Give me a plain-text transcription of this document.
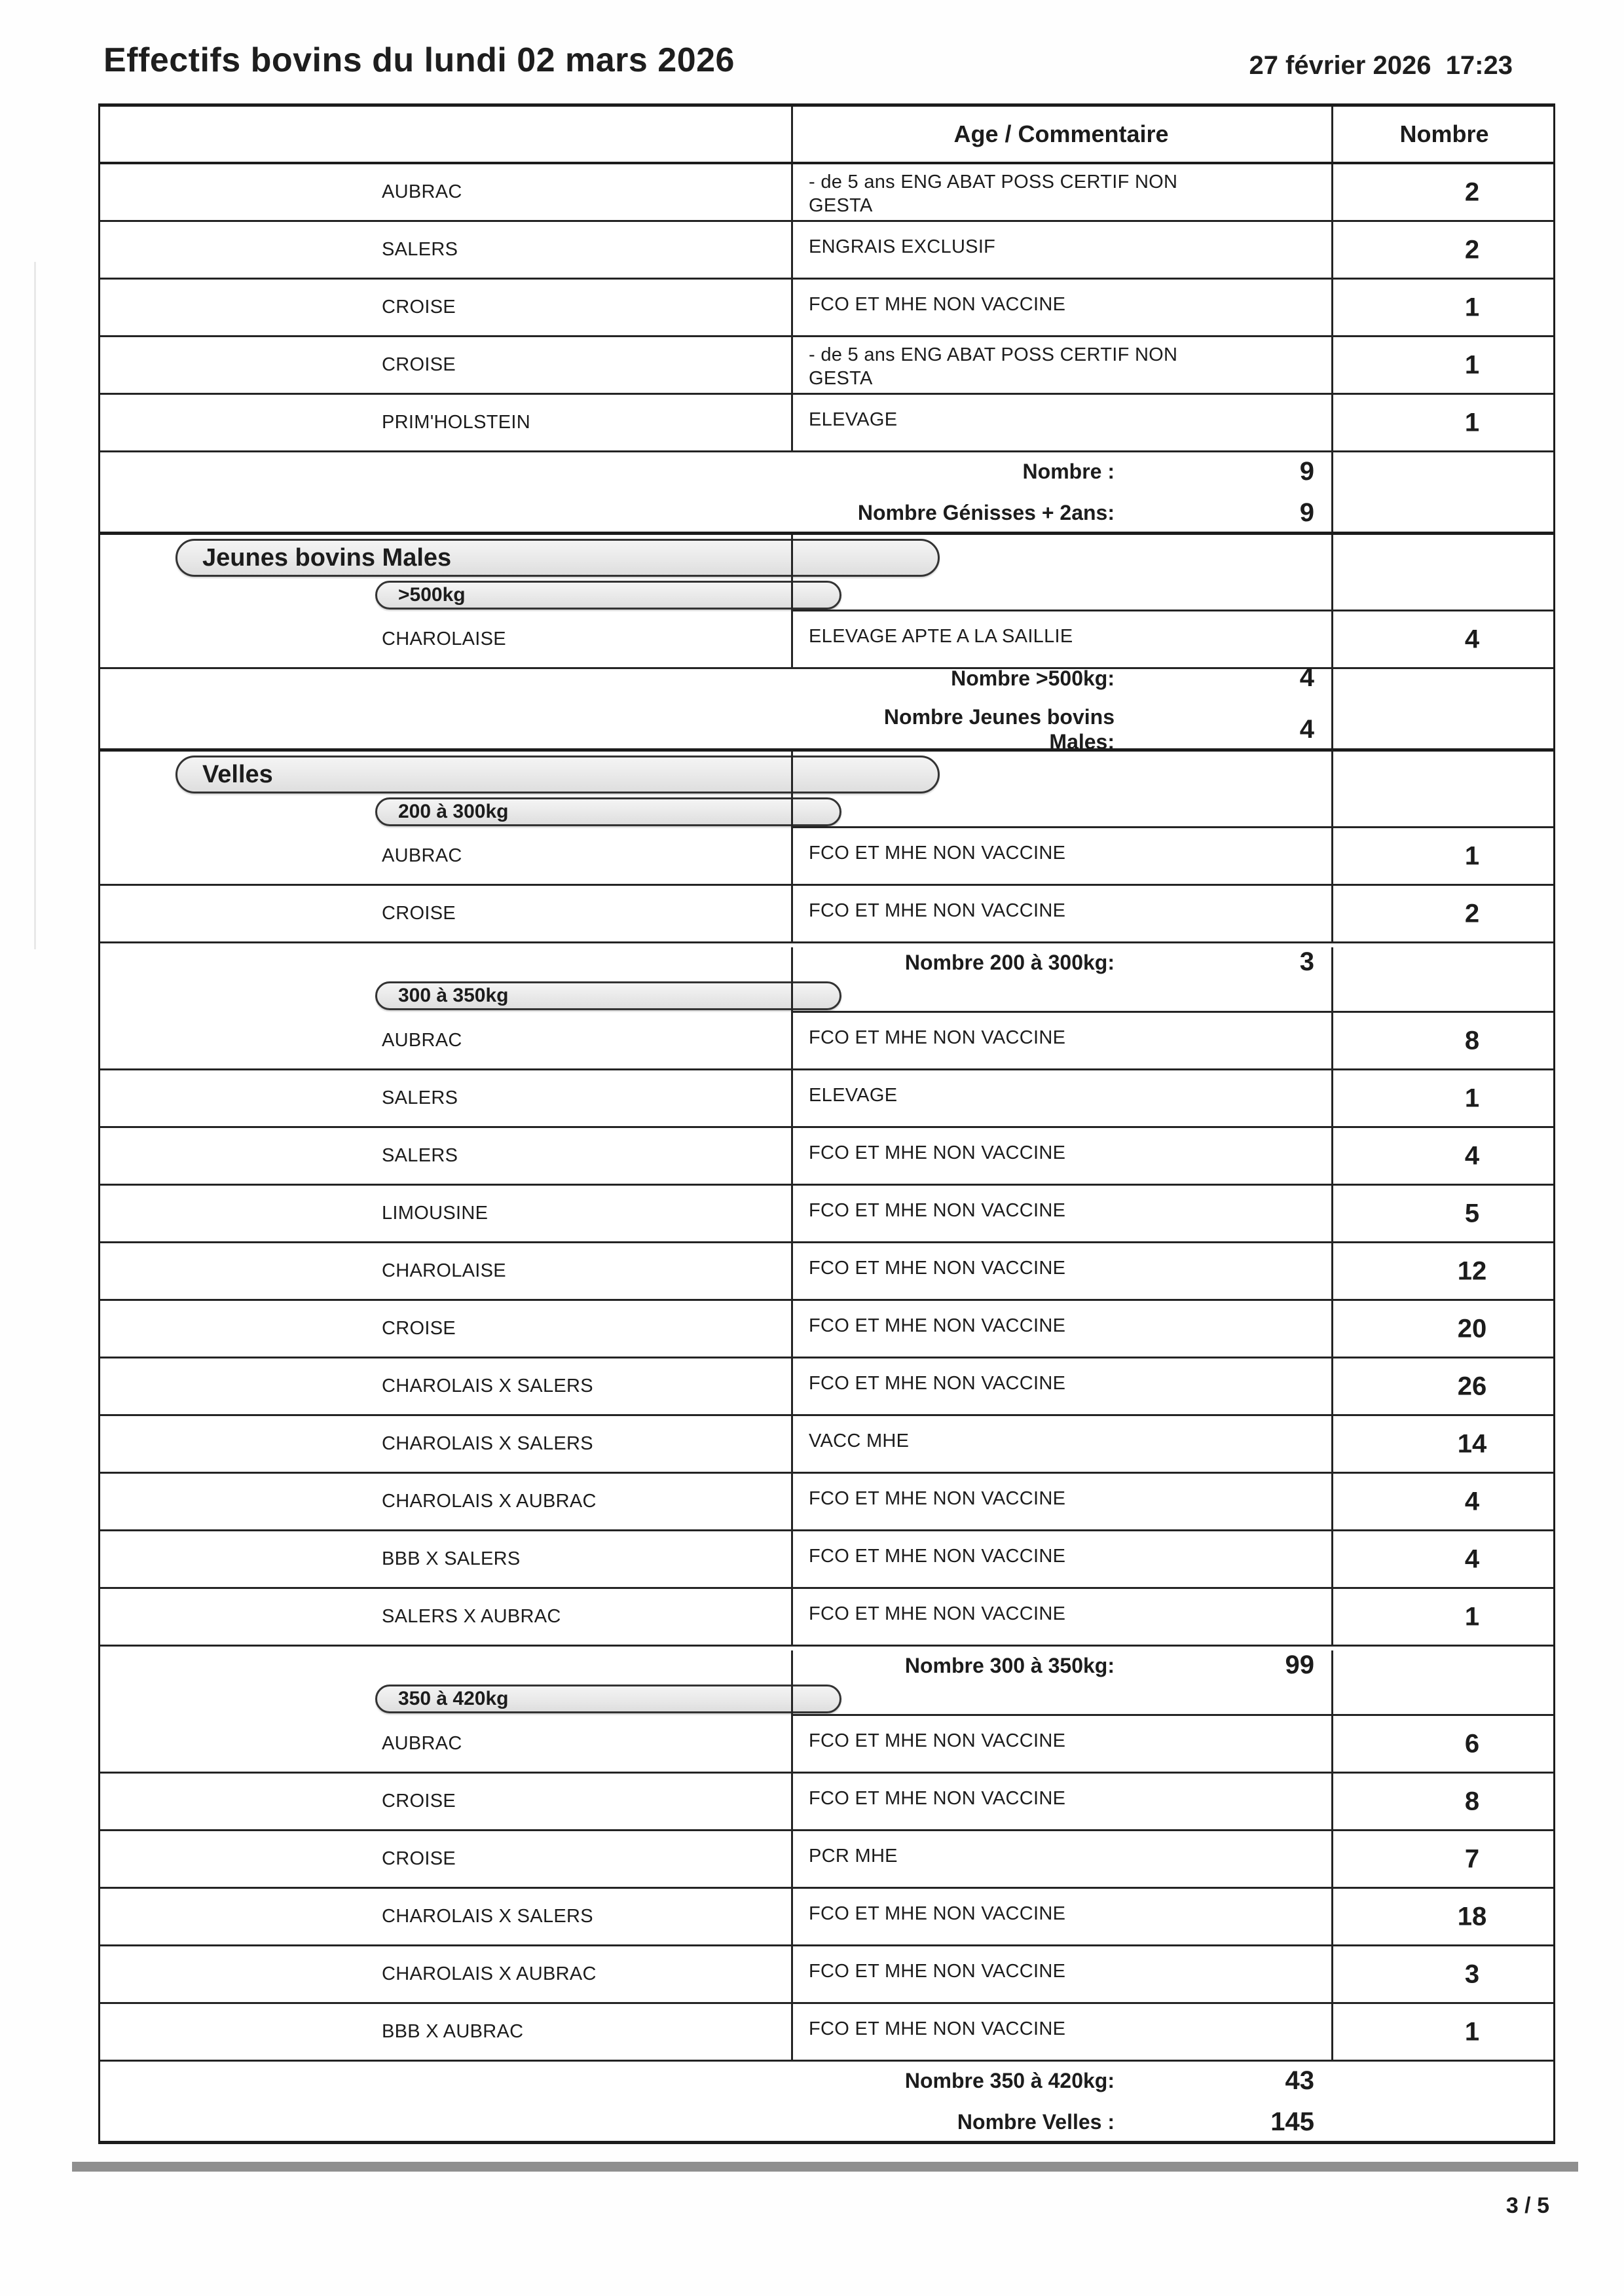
Effectifs bovins du lundi 02 mars 2026	27 février 2026  17:23
Age / Commentaire	Nombre
AUBRAC	- de 5 ans ENG ABAT POSS CERTIF NON GESTA	2
SALERS	ENGRAIS EXCLUSIF	2
CROISE	FCO ET MHE NON VACCINE	1
CROISE	- de 5 ans ENG ABAT POSS CERTIF NON GESTA	1
PRIM'HOLSTEIN	ELEVAGE	1
Nombre :	9
Nombre Génisses + 2ans:	9
Jeunes bovins Males
>500kg
CHAROLAISE	ELEVAGE APTE A LA SAILLIE	4
Nombre >500kg:	4
Nombre Jeunes bovins
Males:	4
Velles
200 à 300kg
AUBRAC	FCO ET MHE NON VACCINE	1
CROISE	FCO ET MHE NON VACCINE	2
Nombre 200 à 300kg:	3
300 à 350kg
AUBRAC	FCO ET MHE NON VACCINE	8
SALERS	ELEVAGE	1
SALERS	FCO ET MHE NON VACCINE	4
LIMOUSINE	FCO ET MHE NON VACCINE	5
CHAROLAISE	FCO ET MHE NON VACCINE	12
CROISE	FCO ET MHE NON VACCINE	20
CHAROLAIS X SALERS	FCO ET MHE NON VACCINE	26
CHAROLAIS X SALERS	VACC MHE	14
CHAROLAIS X AUBRAC	FCO ET MHE NON VACCINE	4
BBB X SALERS	FCO ET MHE NON VACCINE	4
SALERS X AUBRAC	FCO ET MHE NON VACCINE	1
Nombre 300 à 350kg:	99
350 à 420kg
AUBRAC	FCO ET MHE NON VACCINE	6
CROISE	FCO ET MHE NON VACCINE	8
CROISE	PCR MHE	7
CHAROLAIS X SALERS	FCO ET MHE NON VACCINE	18
CHAROLAIS X AUBRAC	FCO ET MHE NON VACCINE	3
BBB X AUBRAC	FCO ET MHE NON VACCINE	1
Nombre 350 à 420kg:	43
Nombre Velles :	145
3 / 5
